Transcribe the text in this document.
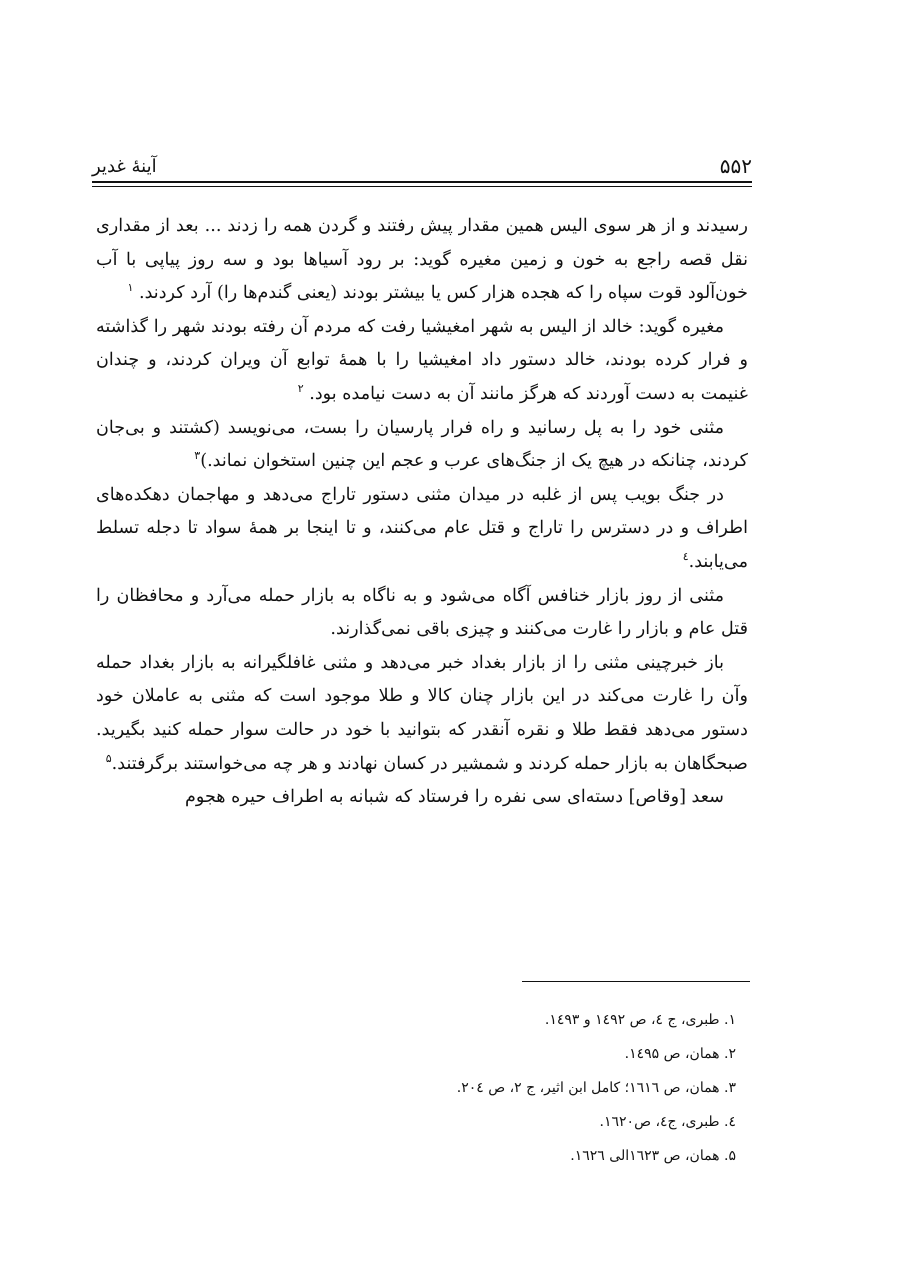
۵۵۲
آینهٔ غدیر

رسیدند و از هر سوی الیس همین مقدار پیش رفتند و گردن همه را زدند ... بعد از مقداری نقل قصه راجع به خون و زمین مغیره گوید: بر رود آسیاها بود و سه روز پیاپی با آب خون‌آلود قوت سپاه را که هجده هزار کس یا بیشتر بودند (یعنی گندم‌ها را) آرد کردند. $^۱$

مغیره گوید: خالد از الیس به شهر امغیشیا رفت که مردم آن رفته بودند شهر را گذاشته و فرار کرده بودند، خالد دستور داد امغیشیا را با همهٔ توابع آن ویران کردند، و چندان غنیمت به دست آوردند که هرگز مانند آن به دست نیامده بود. $^۲$

مثنی خود را به پل رسانید و راه فرار پارسیان را بست، می‌نویسد (کشتند و بی‌جان کردند، چنانکه در هیچ یک از جنگ‌های عرب و عجم این چنین استخوان نماند.)$^۳$

در جنگ بویب پس از غلبه در میدان مثنی دستور تاراج می‌دهد و مهاجمان دهکده‌های اطراف و در دسترس را تاراج و قتل عام می‌کنند، و تا اینجا بر همهٔ سواد تا دجله تسلط می‌یابند.$^٤$

مثنی از روز بازار خنافس آگاه می‌شود و به ناگاه به بازار حمله می‌آرد و محافظان را قتل عام و بازار را غارت می‌کنند و چیزی باقی نمی‌گذارند.

باز خبرچینی مثنی را از بازار بغداد خبر می‌دهد و مثنی غافلگیرانه به بازار بغداد حمله وآن را غارت می‌کند در این بازار چنان کالا و طلا موجود است که مثنی به عاملان خود دستور می‌دهد فقط طلا و نقره آنقدر که بتوانید با خود در حالت سوار حمله کنید بگیرید. صبحگاهان به بازار حمله کردند و شمشیر در کسان نهادند و هر چه می‌خواستند برگرفتند.$^۵$

سعد [وقاص] دسته‌ای سی نفره را فرستاد که شبانه به اطراف حیره هجوم

۱. طبری، ج ٤، ص ۱٤۹۲ و ۱٤۹۳.
۲. همان، ص ۱٤۹۵.
۳. همان، ص ۱٦۱٦؛ کامل ابن اثیر، ج ۲، ص ۲۰٤.
٤. طبری، ج٤، ص۱٦۲۰.
۵. همان، ص ۱٦۲۳الی ۱٦۲٦.
